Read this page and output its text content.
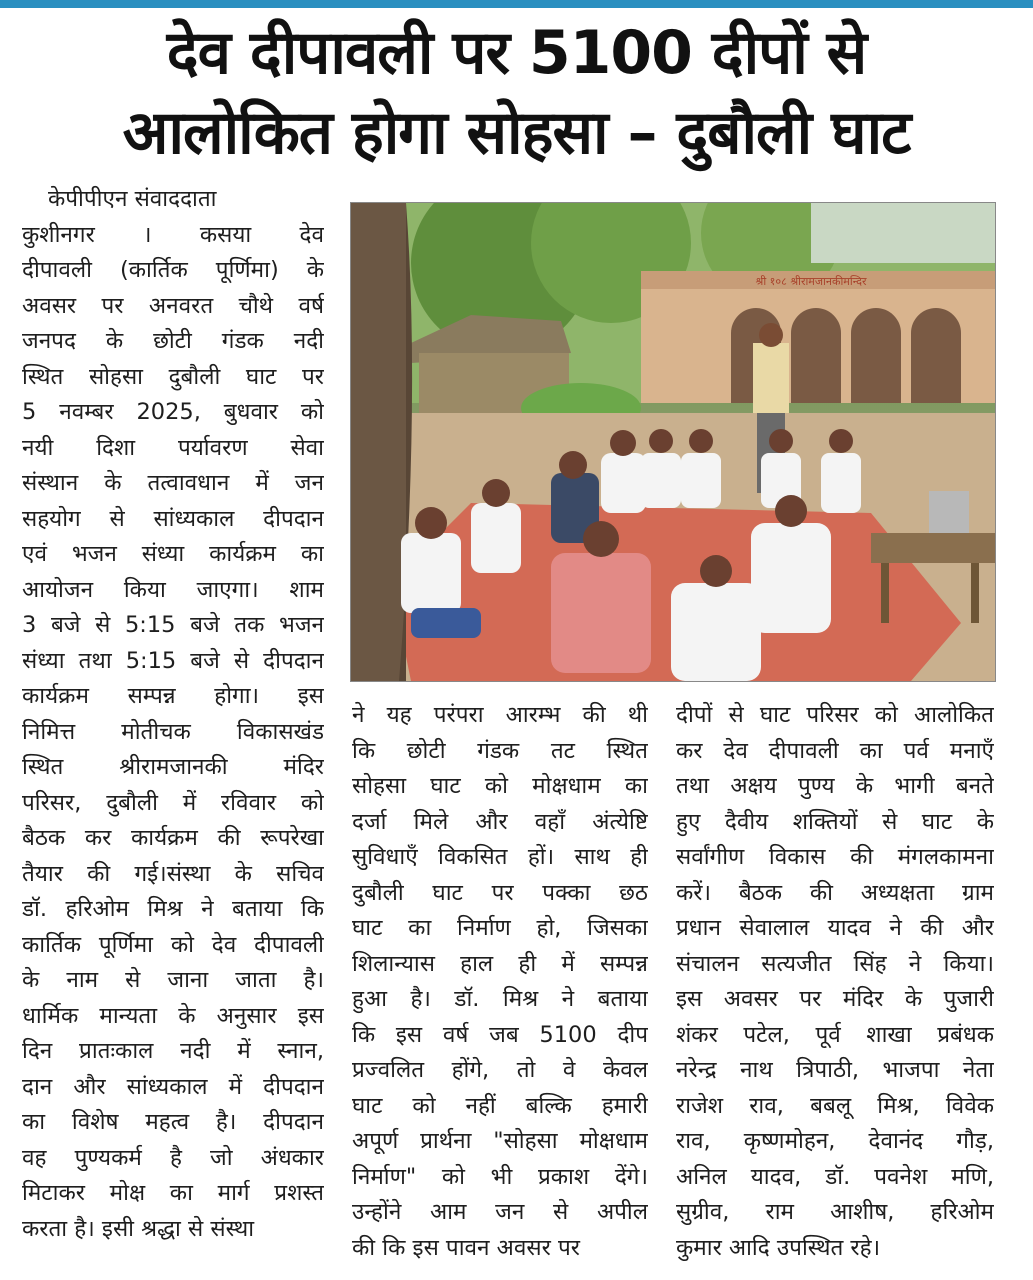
देव दीपावली पर 5100 दीपों से
आलोकित होगा सोहसा – दुबौली घाट
केपीपीएन संवाददाता
कुशीनगर । कसया देव
दीपावली (कार्तिक पूर्णिमा) के
अवसर पर अनवरत चौथे वर्ष
जनपद के छोटी गंडक नदी
स्थित सोहसा दुबौली घाट पर
5 नवम्बर 2025, बुधवार को
नयी दिशा पर्यावरण सेवा
संस्थान के तत्वावधान में जन
सहयोग से सांध्यकाल दीपदान
एवं भजन संध्या कार्यक्रम का
आयोजन किया जाएगा। शाम
3 बजे से 5:15 बजे तक भजन
संध्या तथा 5:15 बजे से दीपदान
कार्यक्रम सम्पन्न होगा। इस
निमित्त मोतीचक विकासखंड
स्थित श्रीरामजानकी मंदिर
परिसर, दुबौली में रविवार को
बैठक कर कार्यक्रम की रूपरेखा
तैयार की गई।संस्था के सचिव
डॉ. हरिओम मिश्र ने बताया कि
कार्तिक पूर्णिमा को देव दीपावली
के नाम से जाना जाता है।
धार्मिक मान्यता के अनुसार इस
दिन प्रातःकाल नदी में स्नान,
दान और सांध्यकाल में दीपदान
का विशेष महत्व है। दीपदान
वह पुण्यकर्म है जो अंधकार
मिटाकर मोक्ष का मार्ग प्रशस्त
करता है। इसी श्रद्धा से संस्था
ने यह परंपरा आरम्भ की थी
कि छोटी गंडक तट स्थित
सोहसा घाट को मोक्षधाम का
दर्जा मिले और वहाँ अंत्येष्टि
सुविधाएँ विकसित हों। साथ ही
दुबौली घाट पर पक्का छठ
घाट का निर्माण हो, जिसका
शिलान्यास हाल ही में सम्पन्न
हुआ है। डॉ. मिश्र ने बताया
कि इस वर्ष जब 5100 दीप
प्रज्वलित होंगे, तो वे केवल
घाट को नहीं बल्कि हमारी
अपूर्ण प्रार्थना "सोहसा मोक्षधाम
निर्माण" को भी प्रकाश देंगे।
उन्होंने आम जन से अपील
की कि इस पावन अवसर पर
दीपों से घाट परिसर को आलोकित
कर देव दीपावली का पर्व मनाएँ
तथा अक्षय पुण्य के भागी बनते
हुए दैवीय शक्तियों से घाट के
सर्वांगीण विकास की मंगलकामना
करें। बैठक की अध्यक्षता ग्राम
प्रधान सेवालाल यादव ने की और
संचालन सत्यजीत सिंह ने किया।
इस अवसर पर मंदिर के पुजारी
शंकर पटेल, पूर्व शाखा प्रबंधक
नरेन्द्र नाथ त्रिपाठी, भाजपा नेता
राजेश राव, बबलू मिश्र, विवेक
राव, कृष्णमोहन, देवानंद गौड़,
अनिल यादव, डॉ. पवनेश मणि,
सुग्रीव, राम आशीष, हरिओम
कुमार आदि उपस्थित रहे।
श्री १०८ श्रीरामजानकीमन्दिर
